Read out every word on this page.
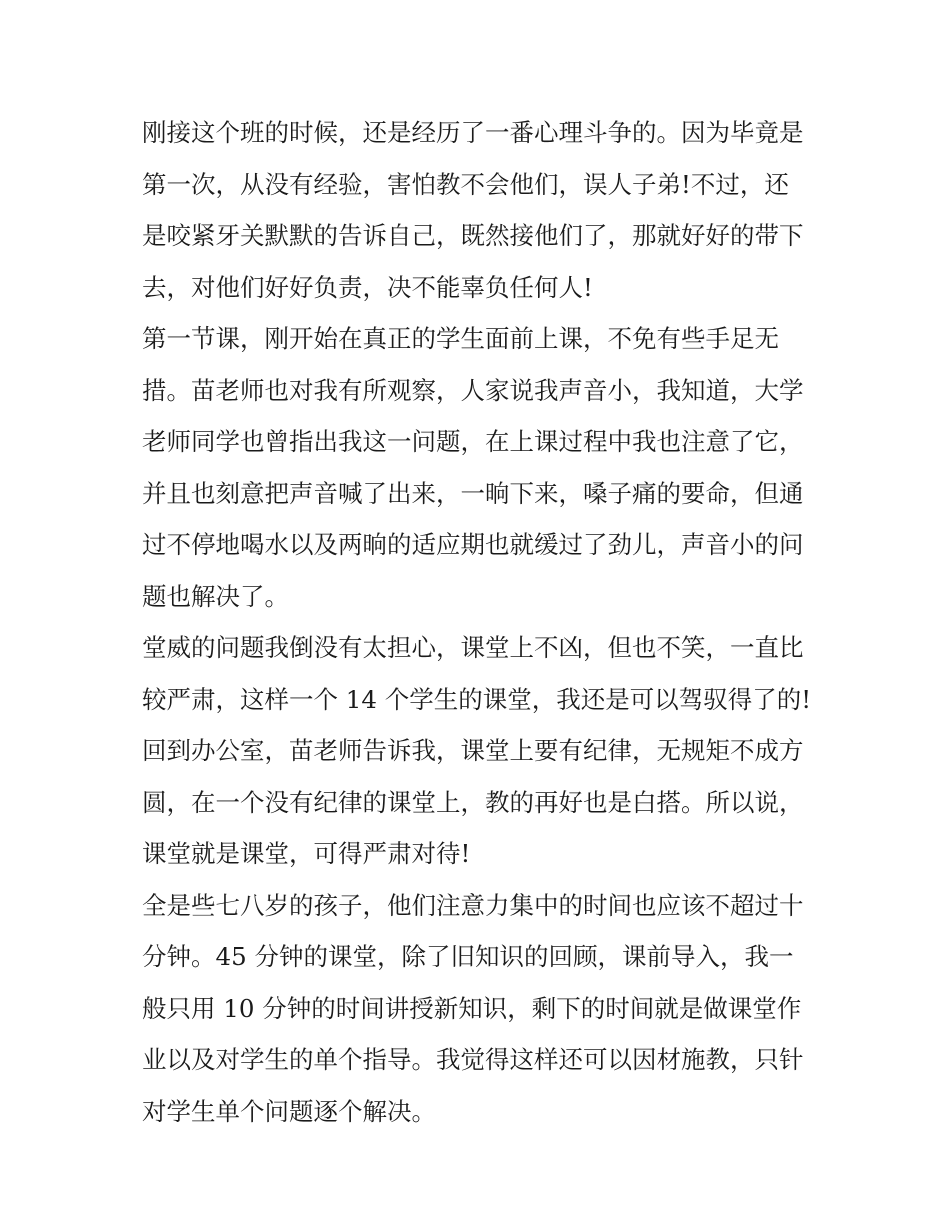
刚接这个班的时候，还是经历了一番心理斗争的。因为毕竟是
第一次，从没有经验，害怕教不会他们，误人子弟!不过，还
是咬紧牙关默默的告诉自己，既然接他们了，那就好好的带下
去，对他们好好负责，决不能辜负任何人!
第一节课，刚开始在真正的学生面前上课，不免有些手足无
措。苗老师也对我有所观察，人家说我声音小，我知道，大学
老师同学也曾指出我这一问题，在上课过程中我也注意了它，
并且也刻意把声音喊了出来，一晌下来，嗓子痛的要命，但通
过不停地喝水以及两晌的适应期也就缓过了劲儿，声音小的问
题也解决了。
堂威的问题我倒没有太担心，课堂上不凶，但也不笑，一直比
较严肃，这样一个 14 个学生的课堂，我还是可以驾驭得了的!
回到办公室，苗老师告诉我，课堂上要有纪律，无规矩不成方
圆，在一个没有纪律的课堂上，教的再好也是白搭。所以说，
课堂就是课堂，可得严肃对待!
全是些七八岁的孩子，他们注意力集中的时间也应该不超过十
分钟。45 分钟的课堂，除了旧知识的回顾，课前导入，我一
般只用 10 分钟的时间讲授新知识，剩下的时间就是做课堂作
业以及对学生的单个指导。我觉得这样还可以因材施教，只针
对学生单个问题逐个解决。
